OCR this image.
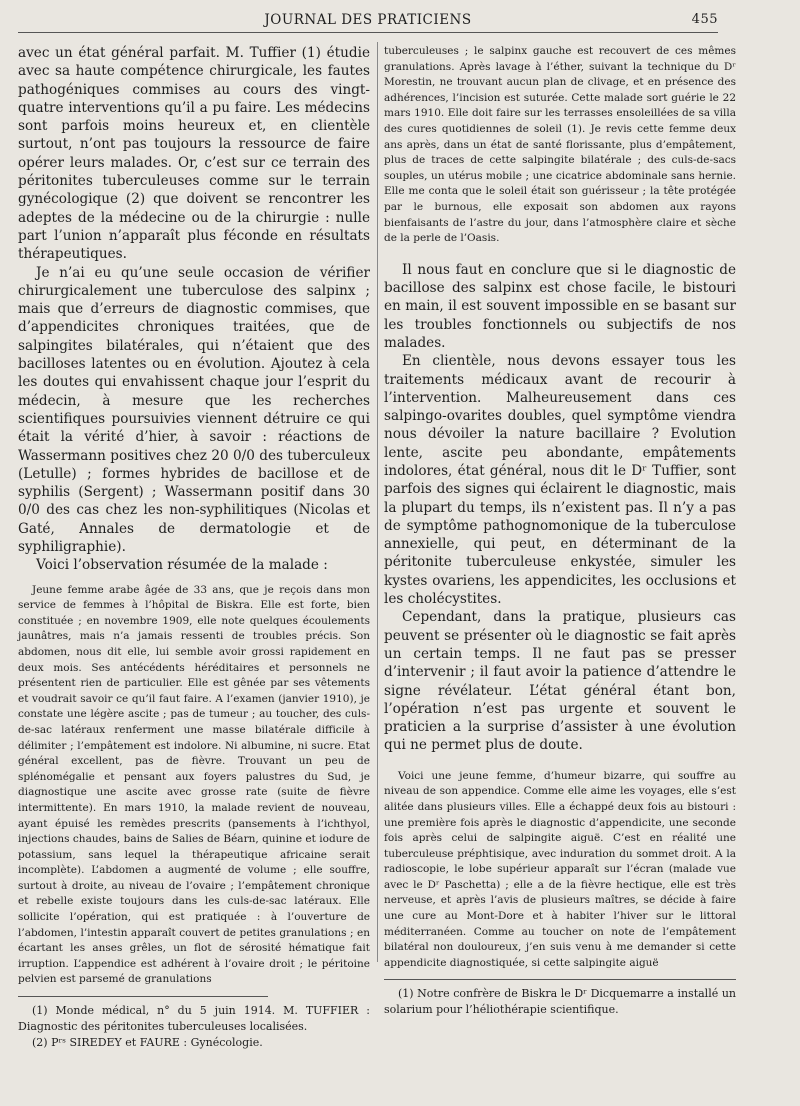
JOURNAL DES PRATICIENS	455

avec un état général parfait. M. Tuffier (1) étudie avec sa haute compétence chirurgicale, les fautes pathogéniques commises au cours des vingt-quatre interventions qu’il a pu faire. Les médecins sont parfois moins heureux et, en clientèle surtout, n’ont pas toujours la ressource de faire opérer leurs malades. Or, c’est sur ce terrain des péritonites tuberculeuses comme sur le terrain gynécologique (2) que doivent se rencontrer les adeptes de la médecine ou de la chirurgie : nulle part l’union n’apparaît plus féconde en résultats thérapeutiques.

Je n’ai eu qu’une seule occasion de vérifier chirurgicalement une tuberculose des salpinx ; mais que d’erreurs de diagnostic commises, que d’appendicites chroniques traitées, que de salpingites bilatérales, qui n’étaient que des bacilloses latentes ou en évolution. Ajoutez à cela les doutes qui envahissent chaque jour l’esprit du médecin, à mesure que les recherches scientifiques poursuivies viennent détruire ce qui était la vérité d’hier, à savoir : réactions de Wassermann positives chez 20 0/0 des tuberculeux (Letulle) ; formes hybrides de bacillose et de syphilis (Sergent) ; Wassermann positif dans 30 0/0 des cas chez les non-syphilitiques (Nicolas et Gaté, Annales de dermatologie et de syphiligraphie).

Voici l’observation résumée de la malade :

Jeune femme arabe âgée de 33 ans, que je reçois dans mon service de femmes à l’hôpital de Biskra. Elle est forte, bien constituée ; en novembre 1909, elle note quelques écoulements jaunâtres, mais n’a jamais ressenti de troubles précis. Son abdomen, nous dit elle, lui semble avoir grossi rapidement en deux mois. Ses antécédents héréditaires et personnels ne présentent rien de particulier. Elle est gênée par ses vêtements et voudrait savoir ce qu’il faut faire. A l’examen (janvier 1910), je constate une légère ascite ; pas de tumeur ; au toucher, des culs-de-sac latéraux renferment une masse bilatérale difficile à délimiter ; l’empâtement est indolore. Ni albumine, ni sucre. Etat général excellent, pas de fièvre. Trouvant un peu de splénomégalie et pensant aux foyers palustres du Sud, je diagnostique une ascite avec grosse rate (suite de fièvre intermittente). En mars 1910, la malade revient de nouveau, ayant épuisé les remèdes prescrits (pansements à l’ichthyol, injections chaudes, bains de Salies de Béarn, quinine et iodure de potassium, sans lequel la thérapeutique africaine serait incomplète). L’abdomen a augmenté de volume ; elle souffre, surtout à droite, au niveau de l’ovaire ; l’empâtement chronique et rebelle existe toujours dans les culs-de-sac latéraux. Elle sollicite l’opération, qui est pratiquée : à l’ouverture de l’abdomen, l’intestin apparaît couvert de petites granulations ; en écartant les anses grêles, un flot de sérosité hématique fait irruption. L’appendice est adhérent à l’ovaire droit ; le péritoine pelvien est parsemé de granulations

(1) Monde médical, n° du 5 juin 1914. M. TUFFIER : Diagnostic des péritonites tuberculeuses localisées.

(2) Pʳˢ SIREDEY et FAURE : Gynécologie.

tuberculeuses ; le salpinx gauche est recouvert de ces mêmes granulations. Après lavage à l’éther, suivant la technique du Dʳ Morestin, ne trouvant aucun plan de clivage, et en présence des adhérences, l’incision est suturée. Cette malade sort guérie le 22 mars 1910. Elle doit faire sur les terrasses ensoleillées de sa villa des cures quotidiennes de soleil (1). Je revis cette femme deux ans après, dans un état de santé florissante, plus d’empâtement, plus de traces de cette salpingite bilatérale ; des culs-de-sacs souples, un utérus mobile ; une cicatrice abdominale sans hernie. Elle me conta que le soleil était son guérisseur ; la tête protégée par le burnous, elle exposait son abdomen aux rayons bienfaisants de l’astre du jour, dans l’atmosphère claire et sèche de la perle de l’Oasis.

Il nous faut en conclure que si le diagnostic de bacillose des salpinx est chose facile, le bistouri en main, il est souvent impossible en se basant sur les troubles fonctionnels ou subjectifs de nos malades.

En clientèle, nous devons essayer tous les traitements médicaux avant de recourir à l’intervention. Malheureusement dans ces salpingo-ovarites doubles, quel symptôme viendra nous dévoiler la nature bacillaire ? Evolution lente, ascite peu abondante, empâtements indolores, état général, nous dit le Dʳ Tuffier, sont parfois des signes qui éclairent le diagnostic, mais la plupart du temps, ils n’existent pas. Il n’y a pas de symptôme pathognomonique de la tuberculose annexielle, qui peut, en déterminant de la péritonite tuberculeuse enkystée, simuler les kystes ovariens, les appendicites, les occlusions et les cholécystites.

Cependant, dans la pratique, plusieurs cas peuvent se présenter où le diagnostic se fait après un certain temps. Il ne faut pas se presser d’intervenir ; il faut avoir la patience d’attendre le signe révélateur. L’état général étant bon, l’opération n’est pas urgente et souvent le praticien a la surprise d’assister à une évolution qui ne permet plus de doute.

Voici une jeune femme, d’humeur bizarre, qui souffre au niveau de son appendice. Comme elle aime les voyages, elle s’est alitée dans plusieurs villes. Elle a échappé deux fois au bistouri : une première fois après le diagnostic d’appendicite, une seconde fois après celui de salpingite aiguë. C’est en réalité une tuberculeuse préphtisique, avec induration du sommet droit. A la radioscopie, le lobe supérieur apparaît sur l’écran (malade vue avec le Dʳ Paschetta) ; elle a de la fièvre hectique, elle est très nerveuse, et après l’avis de plusieurs maîtres, se décide à faire une cure au Mont-Dore et à habiter l’hiver sur le littoral méditerranéen. Comme au toucher on note de l’empâtement bilatéral non douloureux, j’en suis venu à me demander si cette appendicite diagnostiquée, si cette salpingite aiguë

(1) Notre confrère de Biskra le Dʳ Dicquemarre a installé un solarium pour l’héliothérapie scientifique.
